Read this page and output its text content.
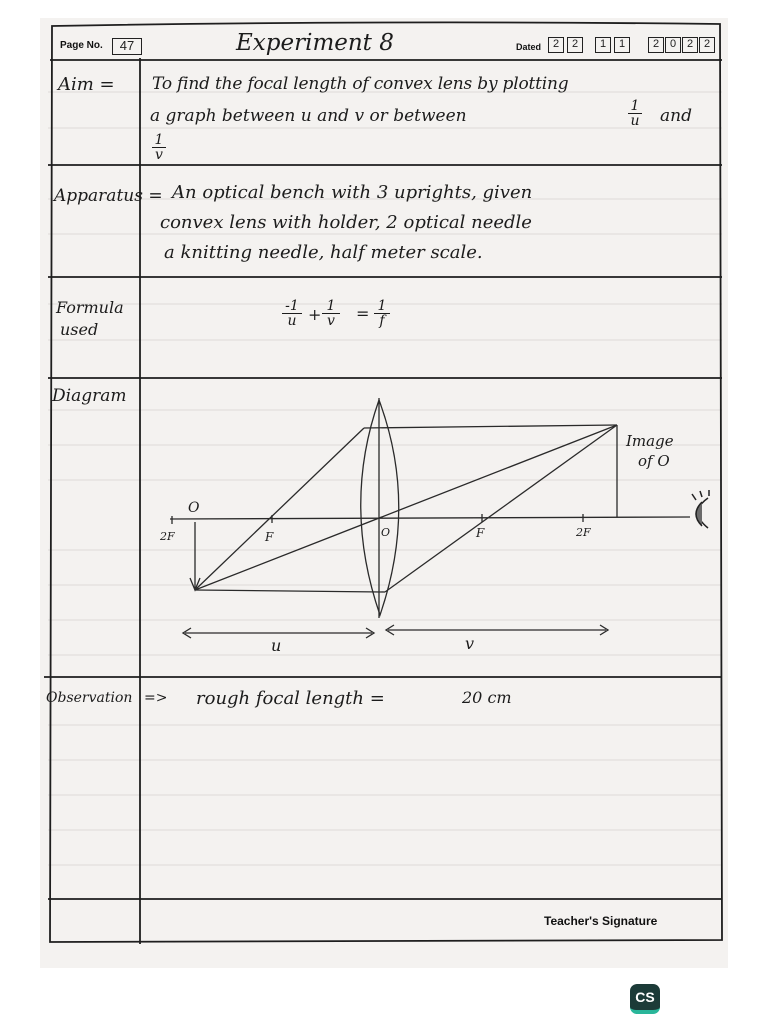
Page No.	47	Experiment 8	Dated	2	2	1	1	2 0 2 2
Aim = To find the focal length of convex lens by plotting
a graph between u and v or between	1
u and
1
v
Apparatus = An optical bench with 3 uprights, given
convex lens with holder, 2 optical needle
a knitting needle, half meter scale.
Formula
used
-1
u + 1
v	= 1
f
Diagram
Image
of O
O
2F	F	O	F	2F
u	v
Observation => rough focal length =	20 cm
Teacher's Signature
CS
